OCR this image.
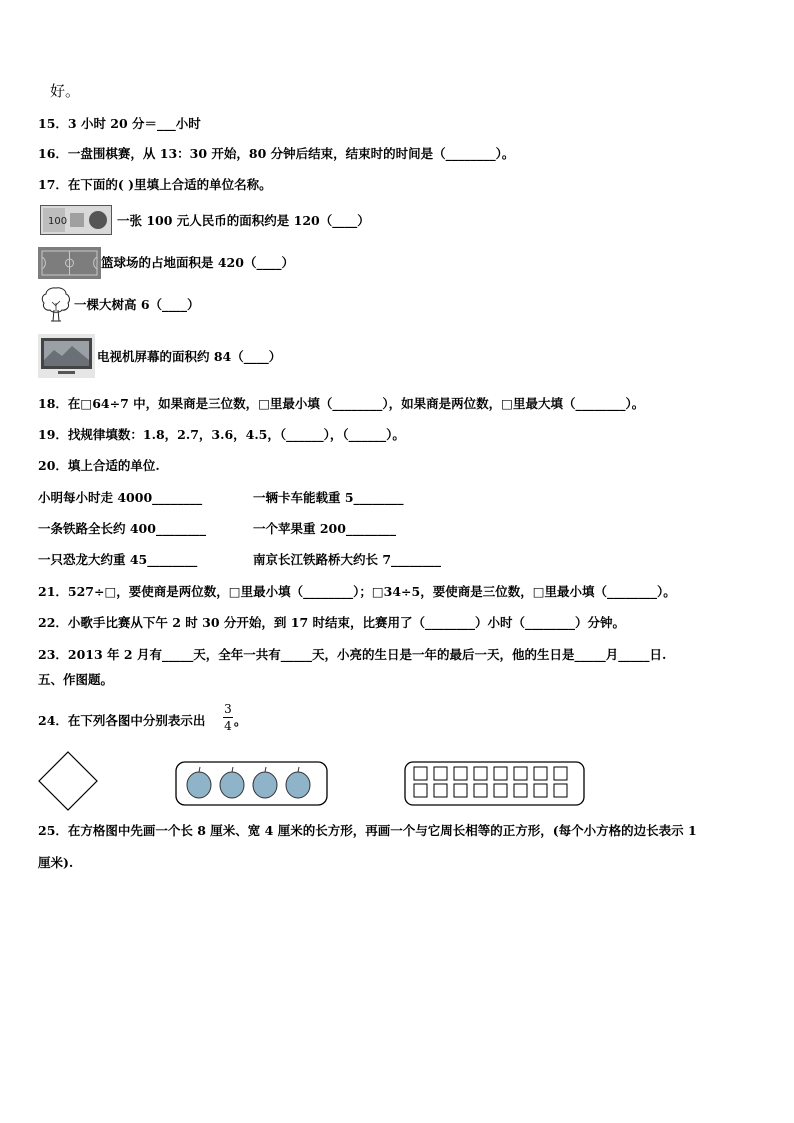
好。
15．3 小时 20 分＝___小时
16．一盘围棋赛，从 13：30 开始，80 分钟后结束，结束时的时间是（________）。
17．在下面的( )里填上合适的单位名称。
100	一张 100 元人民币的面积约是 120（____）
篮球场的占地面积是 420（____）
一棵大树高 6（____）
电视机屏幕的面积约 84（____）
18．在□64÷7 中，如果商是三位数，□里最小填（________），如果商是两位数，□里最大填（________）。
19．找规律填数：1.8，2.7，3.6，4.5，（______），（______）。
20．填上合适的单位.
小明每小时走 4000________	一辆卡车能载重 5________
一条铁路全长约 400________	一个苹果重 200________
一只恐龙大约重 45________	南京长江铁路桥大约长 7________
21．527÷□，要使商是两位数，□里最小填（________）；□34÷5，要使商是三位数，□里最小填（________）。
22．小歌手比赛从下午 2 时 30 分开始，到 17 时结束，比赛用了（________）小时（________）分钟。
23．2013 年 2 月有_____天，全年一共有_____天，小亮的生日是一年的最后一天，他的生日是_____月_____日.
五、作图题。
24．在下列各图中分别表示出
3
4 。
25．在方格图中先画一个长 8 厘米、宽 4 厘米的长方形，再画一个与它周长相等的正方形，(每个小方格的边长表示 1
厘米).
